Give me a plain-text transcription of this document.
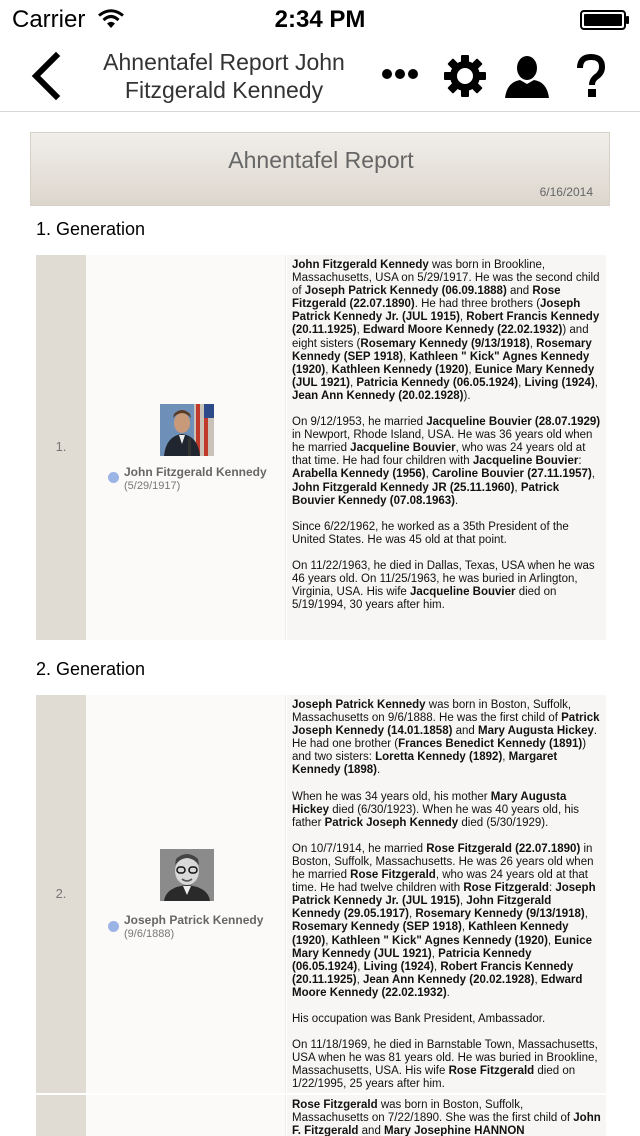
Carrier	2:34 PM
Ahnentafel Report John Fitzgerald Kennedy
Ahnentafel Report
6/16/2014
1. Generation
1.
John Fitzgerald Kennedy
(5/29/1917)

John Fitzgerald Kennedy was born in Brookline, Massachusetts, USA on 5/29/1917. He was the second child of Joseph Patrick Kennedy (06.09.1888) and Rose Fitzgerald (22.07.1890). He had three brothers (Joseph Patrick Kennedy Jr. (JUL 1915), Robert Francis Kennedy (20.11.1925), Edward Moore Kennedy (22.02.1932)) and eight sisters (Rosemary Kennedy (9/13/1918), Rosemary Kennedy (SEP 1918), Kathleen " Kick" Agnes Kennedy (1920), Kathleen Kennedy (1920), Eunice Mary Kennedy (JUL 1921), Patricia Kennedy (06.05.1924), Living (1924), Jean Ann Kennedy (20.02.1928)).

On 9/12/1953, he married Jacqueline Bouvier (28.07.1929) in Newport, Rhode Island, USA. He was 36 years old when he married Jacqueline Bouvier, who was 24 years old at that time. He had four children with Jacqueline Bouvier: Arabella Kennedy (1956), Caroline Bouvier (27.11.1957), John Fitzgerald Kennedy JR (25.11.1960), Patrick Bouvier Kennedy (07.08.1963).

Since 6/22/1962, he worked as a 35th President of the United States. He was 45 old at that point.

On 11/22/1963, he died in Dallas, Texas, USA when he was 46 years old. On 11/25/1963, he was buried in Arlington, Virginia, USA. His wife Jacqueline Bouvier died on 5/19/1994, 30 years after him.

2. Generation
2.
Joseph Patrick Kennedy
(9/6/1888)

Joseph Patrick Kennedy was born in Boston, Suffolk, Massachusetts on 9/6/1888. He was the first child of Patrick Joseph Kennedy (14.01.1858) and Mary Augusta Hickey. He had one brother (Frances Benedict Kennedy (1891)) and two sisters: Loretta Kennedy (1892), Margaret Kennedy (1898).

When he was 34 years old, his mother Mary Augusta Hickey died (6/30/1923). When he was 40 years old, his father Patrick Joseph Kennedy died (5/30/1929).

On 10/7/1914, he married Rose Fitzgerald (22.07.1890) in Boston, Suffolk, Massachusetts. He was 26 years old when he married Rose Fitzgerald, who was 24 years old at that time. He had twelve children with Rose Fitzgerald: Joseph Patrick Kennedy Jr. (JUL 1915), John Fitzgerald Kennedy (29.05.1917), Rosemary Kennedy (9/13/1918), Rosemary Kennedy (SEP 1918), Kathleen Kennedy (1920), Kathleen " Kick" Agnes Kennedy (1920), Eunice Mary Kennedy (JUL 1921), Patricia Kennedy (06.05.1924), Living (1924), Robert Francis Kennedy (20.11.1925), Jean Ann Kennedy (20.02.1928), Edward Moore Kennedy (22.02.1932).

His occupation was Bank President, Ambassador.

On 11/18/1969, he died in Barnstable Town, Massachusetts, USA when he was 81 years old. He was buried in Brookline, Massachusetts, USA. His wife Rose Fitzgerald died on 1/22/1995, 25 years after him.

Rose Fitzgerald was born in Boston, Suffolk, Massachusetts on 7/22/1890. She was the first child of John F. Fitzgerald and Mary Josephine HANNON
